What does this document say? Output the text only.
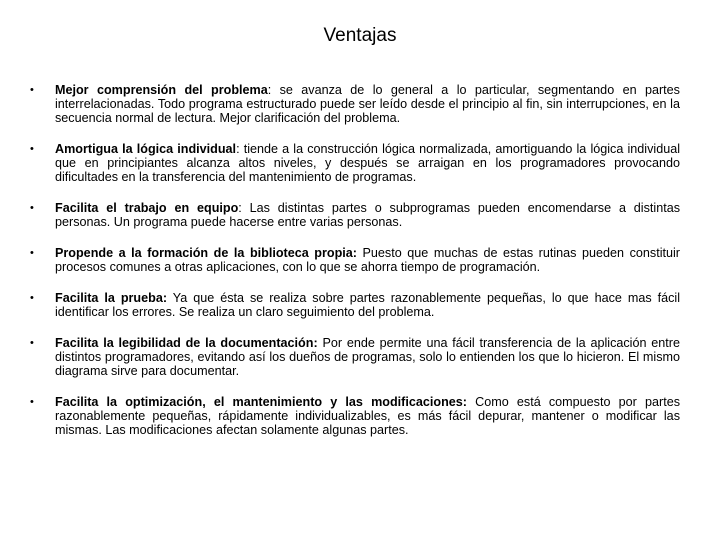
Ventajas
• Mejor comprensión del problema: se avanza de lo general a lo particular, segmentando en partes interrelacionadas. Todo programa estructurado puede ser leído desde el principio al fin, sin interrupciones, en la secuencia normal de lectura. Mejor clarificación del problema.
• Amortigua la lógica individual: tiende a la construcción lógica normalizada, amortiguando la lógica individual que en principiantes alcanza altos niveles, y después se arraigan en los programadores provocando dificultades en la transferencia del mantenimiento de programas.
• Facilita el trabajo en equipo: Las distintas partes o subprogramas pueden encomendarse a distintas personas. Un programa puede hacerse entre varias personas.
• Propende a la formación de la biblioteca propia: Puesto que muchas de estas rutinas pueden constituir procesos comunes a otras aplicaciones, con lo que se ahorra tiempo de programación.
• Facilita la prueba: Ya que ésta se realiza sobre partes razonablemente pequeñas, lo que hace mas fácil identificar los errores. Se realiza un claro seguimiento del problema.
• Facilita la legibilidad de la documentación: Por ende permite una fácil transferencia de la aplicación entre distintos programadores, evitando así los dueños de programas, solo lo entienden los que lo hicieron. El mismo diagrama sirve para documentar.
• Facilita la optimización, el mantenimiento y las modificaciones: Como está compuesto por partes razonablemente pequeñas, rápidamente individualizables, es más fácil depurar, mantener o modificar las mismas. Las modificaciones afectan solamente algunas partes.
